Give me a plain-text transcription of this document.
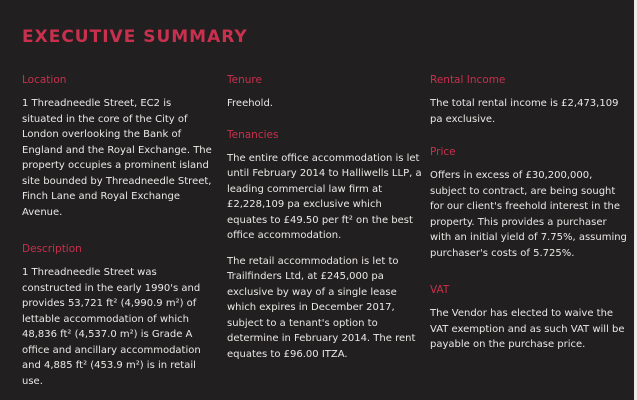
EXECUTIVE SUMMARY
Location

1 Threadneedle Street, EC2 is situated in the core of the City of London overlooking the Bank of England and the Royal Exchange. The property occupies a prominent island site bounded by Threadneedle Street, Finch Lane and Royal Exchange Avenue.

Description

1 Threadneedle Street was constructed in the early 1990's and provides 53,721 ft² (4,990.9 m²) of lettable accommodation of which 48,836 ft² (4,537.0 m²) is Grade A office and ancillary accommodation and 4,885 ft² (453.9 m²) is in retail use.

Tenure

Freehold.

Tenancies

The entire office accommodation is let until February 2014 to Halliwells LLP, a leading commercial law firm at £2,228,109 pa exclusive which equates to £49.50 per ft² on the best office accommodation.

The retail accommodation is let to Trailfinders Ltd, at £245,000 pa exclusive by way of a single lease which expires in December 2017, subject to a tenant's option to determine in February 2014. The rent equates to £96.00 ITZA.

Rental Income

The total rental income is £2,473,109 pa exclusive.

Price

Offers in excess of £30,200,000, subject to contract, are being sought for our client's freehold interest in the property. This provides a purchaser with an initial yield of 7.75%, assuming purchaser's costs of 5.725%.

VAT

The Vendor has elected to waive the VAT exemption and as such VAT will be payable on the purchase price.
